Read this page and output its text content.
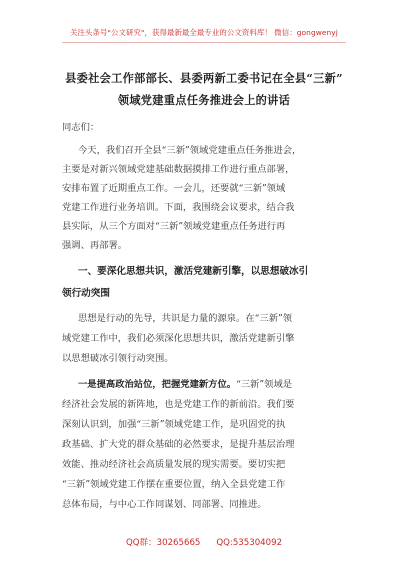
关注头条号"公文研究"，获得最新最全最专业的公文资料库！ 微信：gongwenyj
县委社会工作部部长、县委两新工委书记在全县“三新”
领域党建重点任务推进会上的讲话
同志们：
今天，我们召开全县“三新”领域党建重点任务推进会，
主要是对新兴领域党建基础数据摸排工作进行重点部署，
安排布置了近期重点工作。一会儿，还要就“三新”领域
党建工作进行业务培训。下面，我围绕会议要求，结合我
县实际，从三个方面对“三新”领域党建重点任务进行再
强调、再部署。
一、要深化思想共识，激活党建新引擎，以思想破冰引
领行动突围
思想是行动的先导，共识是力量的源泉。在“三新”领
域党建工作中，我们必须深化思想共识，激活党建新引擎
以思想破冰引领行动突围。
一是提高政治站位，把握党建新方位。“三新”领域是
经济社会发展的新阵地，也是党建工作的新前沿。我们要
深刻认识到，加强“三新”领域党建工作，是巩固党的执
政基础、扩大党的群众基础的必然要求，是提升基层治理
效能、推动经济社会高质量发展的现实需要。要切实把
“三新”领域党建工作摆在重要位置，纳入全县党建工作
总体布局，与中心工作同谋划、同部署、同推进。
QQ群：30265665 QQ:535304092
